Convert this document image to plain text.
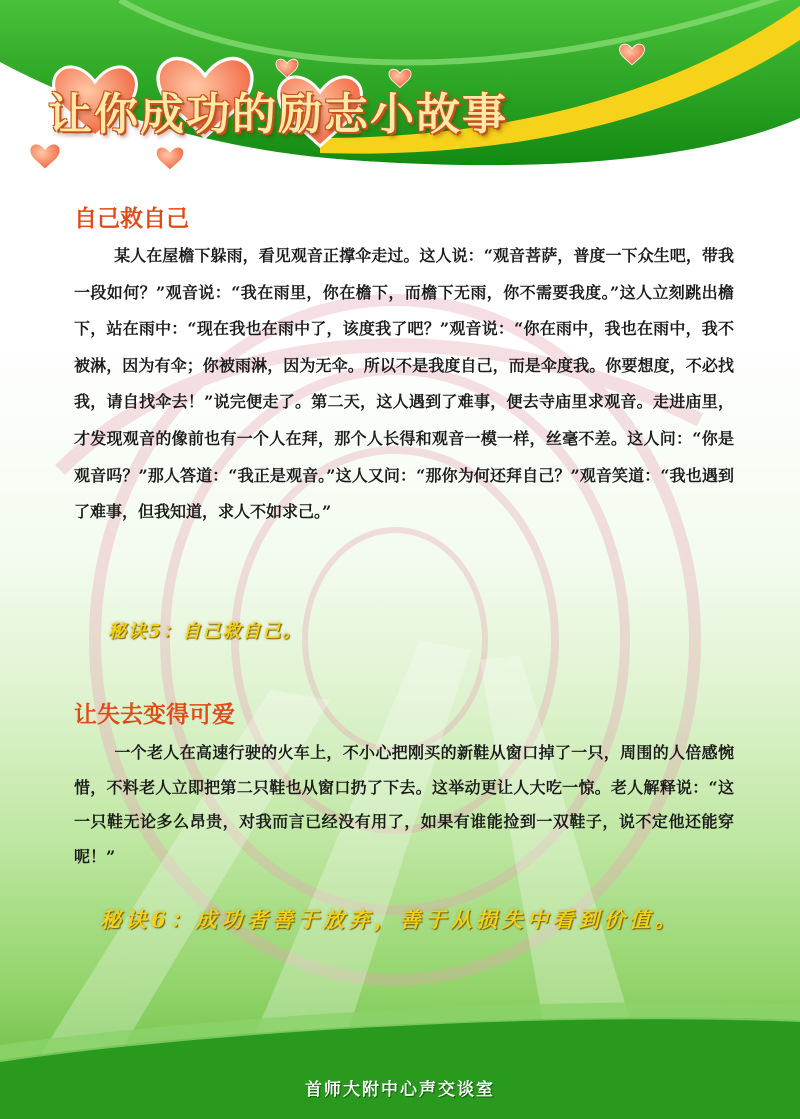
让你成功的励志小故事
自己救自己

某人在屋檐下躲雨，看见观音正撑伞走过。这人说：“观音菩萨，普度一下众生吧，带我一段如何？”观音说：“我在雨里，你在檐下，而檐下无雨，你不需要我度。”这人立刻跳出檐下，站在雨中：“现在我也在雨中了，该度我了吧？”观音说：“你在雨中，我也在雨中，我不被淋，因为有伞；你被雨淋，因为无伞。所以不是我度自己，而是伞度我。你要想度，不必找我，请自找伞去！”说完便走了。第二天，这人遇到了难事，便去寺庙里求观音。走进庙里，才发现观音的像前也有一个人在拜，那个人长得和观音一模一样，丝毫不差。这人问：“你是观音吗？”那人答道：“我正是观音。”这人又问：“那你为何还拜自己？”观音笑道：“我也遇到了难事，但我知道，求人不如求己。”

秘诀5：自己救自己。

让失去变得可爱

一个老人在高速行驶的火车上，不小心把刚买的新鞋从窗口掉了一只，周围的人倍感惋惜，不料老人立即把第二只鞋也从窗口扔了下去。这举动更让人大吃一惊。老人解释说：“这一只鞋无论多么昂贵，对我而言已经没有用了，如果有谁能捡到一双鞋子，说不定他还能穿呢！”

秘诀6：成功者善于放弃，善于从损失中看到价值。

首师大附中心声交谈室
